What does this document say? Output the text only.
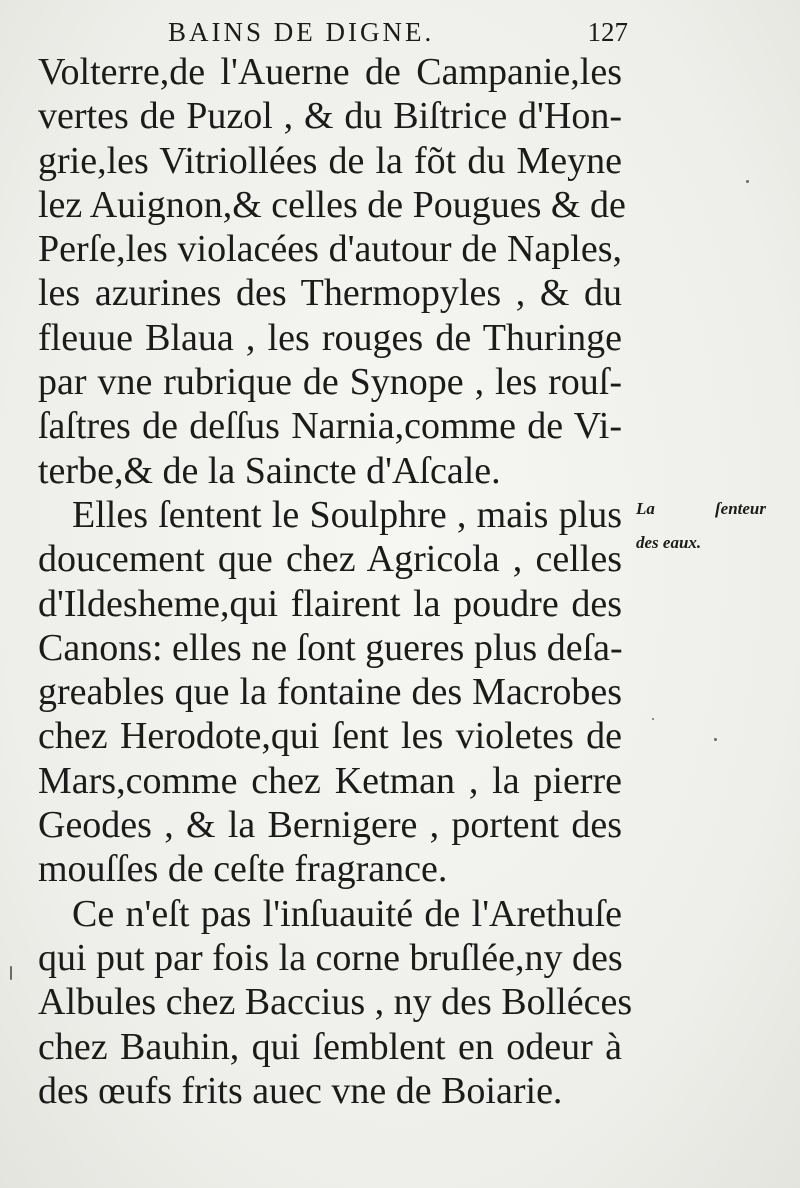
BAINS DE DIGNE.	127
Volterre,de l'Auerne de Campanie,les
vertes de Puzol , & du Biſtrice d'Hon-
grie,les Vitriollées de la fõt du Meyne
lez Auignon,& celles de Pougues & de
Perſe,les violacées d'autour de Naples,
les azurines des Thermopyles , & du
fleuue Blaua , les rouges de Thuringe
par vne rubrique de Synope , les rouſ-
ſaſtres de deſſus Narnia,comme de Vi-
terbe,& de la Saincte d'Aſcale.
Elles ſentent le Soulphre , mais plus
doucement que chez Agricola , celles
d'Ildesheme,qui flairent la poudre des
Canons: elles ne ſont gueres plus deſa-
greables que la fontaine des Macrobes
chez Herodote,qui ſent les violetes de
Mars,comme chez Ketman , la pierre
Geodes , & la Bernigere , portent des
mouſſes de ceſte fragrance.
Ce n'eſt pas l'inſuauité de l'Arethuſe
qui put par fois la corne bruſlée,ny des
Albules chez Baccius , ny des Bolléces
chez Bauhin, qui ſemblent en odeur à
des œufs frits auec vne de Boiarie.
La ſenteur
des eaux.
